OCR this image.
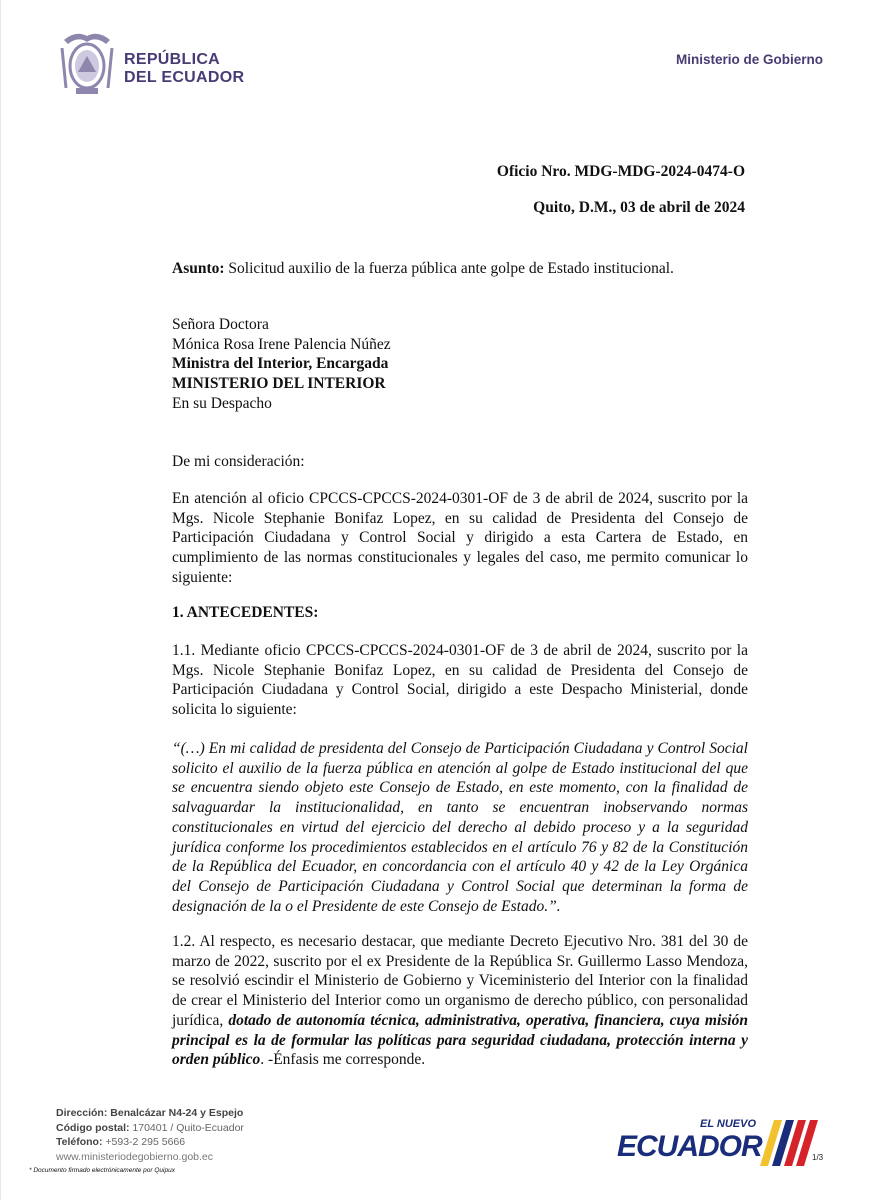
REPÚBLICA
DEL ECUADOR
Ministerio de Gobierno
Oficio Nro. MDG-MDG-2024-0474-O
Quito, D.M., 03 de abril de 2024
Asunto: Solicitud auxilio de la fuerza pública ante golpe de Estado institucional.
Señora Doctora
Mónica Rosa Irene Palencia Núñez
Ministra del Interior, Encargada
MINISTERIO DEL INTERIOR
En su Despacho
De mi consideración:
En atención al oficio CPCCS-CPCCS-2024-0301-OF de 3 de abril de 2024, suscrito por la Mgs. Nicole Stephanie Bonifaz Lopez, en su calidad de Presidenta del Consejo de Participación Ciudadana y Control Social y dirigido a esta Cartera de Estado, en cumplimiento de las normas constitucionales y legales del caso, me permito comunicar lo siguiente:
1. ANTECEDENTES:
1.1. Mediante oficio CPCCS-CPCCS-2024-0301-OF de 3 de abril de 2024, suscrito por la Mgs. Nicole Stephanie Bonifaz Lopez, en su calidad de Presidenta del Consejo de Participación Ciudadana y Control Social, dirigido a este Despacho Ministerial, donde solicita lo siguiente:
“(…) En mi calidad de presidenta del Consejo de Participación Ciudadana y Control Social solicito el auxilio de la fuerza pública en atención al golpe de Estado institucional del que se encuentra siendo objeto este Consejo de Estado, en este momento, con la finalidad de salvaguardar la institucionalidad, en tanto se encuentran inobservando normas constitucionales en virtud del ejercicio del derecho al debido proceso y a la seguridad jurídica conforme los procedimientos establecidos en el artículo 76 y 82 de la Constitución de la República del Ecuador, en concordancia con el artículo 40 y 42 de la Ley Orgánica del Consejo de Participación Ciudadana y Control Social que determinan la forma de designación de la o el Presidente de este Consejo de Estado.”.
1.2. Al respecto, es necesario destacar, que mediante Decreto Ejecutivo Nro. 381 del 30 de marzo de 2022, suscrito por el ex Presidente de la República Sr. Guillermo Lasso Mendoza, se resolvió escindir el Ministerio de Gobierno y Viceministerio del Interior con la finalidad de crear el Ministerio del Interior como un organismo de derecho público, con personalidad jurídica, dotado de autonomía técnica, administrativa, operativa, financiera, cuya misión principal es la de formular las políticas para seguridad ciudadana, protección interna y orden público. -Énfasis me corresponde.
Dirección: Benalcázar N4-24 y Espejo
Código postal: 170401 / Quito-Ecuador
Teléfono: +593-2 295 5666
www.ministeriodegobierno.gob.ec
* Documento firmado electrónicamente por Quipux
EL NUEVO
ECUADOR	1/3
